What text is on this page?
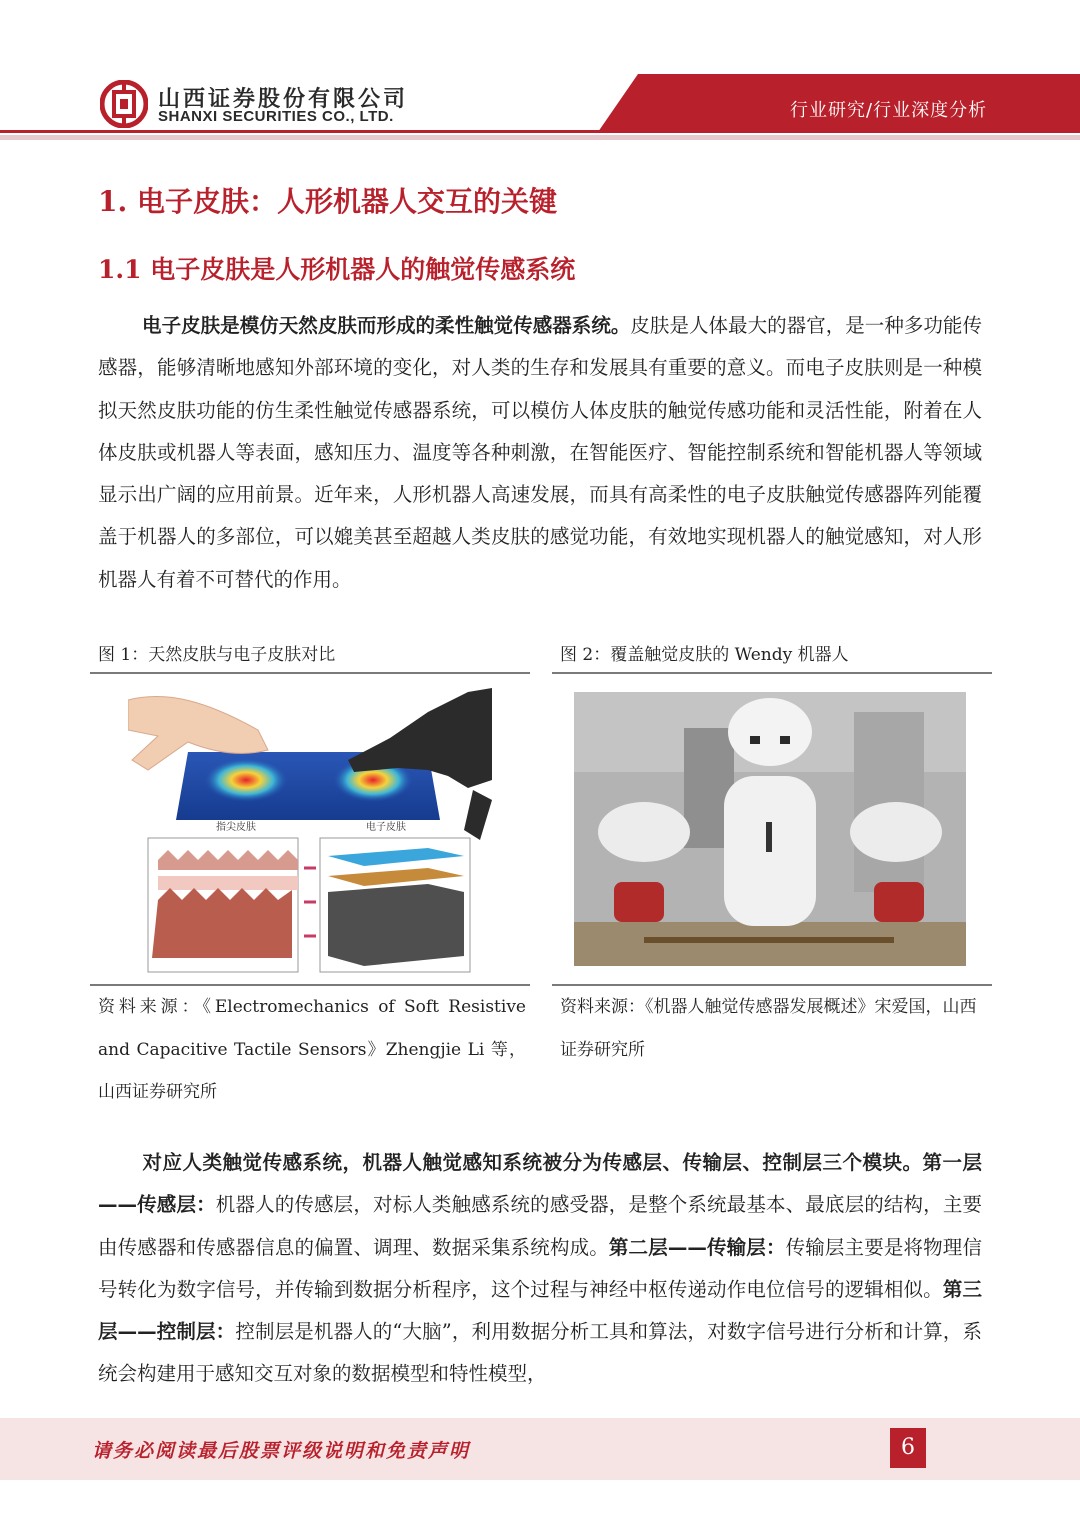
山西证券股份有限公司
SHANXI SECURITIES CO., LTD.	行业研究/行业深度分析
1. 电子皮肤：人形机器人交互的关键
1.1 电子皮肤是人形机器人的触觉传感系统
电子皮肤是模仿天然皮肤而形成的柔性触觉传感器系统。皮肤是人体最大的器官，是一种多功能传感器，能够清晰地感知外部环境的变化，对人类的生存和发展具有重要的意义。而电子皮肤则是一种模拟天然皮肤功能的仿生柔性触觉传感器系统，可以模仿人体皮肤的触觉传感功能和灵活性能，附着在人体皮肤或机器人等表面，感知压力、温度等各种刺激，在智能医疗、智能控制系统和智能机器人等领域显示出广阔的应用前景。近年来，人形机器人高速发展，而具有高柔性的电子皮肤触觉传感器阵列能覆盖于机器人的多部位，可以媲美甚至超越人类皮肤的感觉功能，有效地实现机器人的触觉感知，对人形机器人有着不可替代的作用。
图 1：天然皮肤与电子皮肤对比	图 2：覆盖触觉皮肤的 Wendy 机器人
指尖皮肤	电子皮肤
资料来源：《Electromechanics of Soft Resistive and Capacitive Tactile Sensors》Zhengjie Li 等，山西证券研究所
资料来源：《机器人触觉传感器发展概述》宋爱国，山西证券研究所
对应人类触觉传感系统，机器人触觉感知系统被分为传感层、传输层、控制层三个模块。第一层——传感层：机器人的传感层，对标人类触感系统的感受器，是整个系统最基本、最底层的结构，主要由传感器和传感器信息的偏置、调理、数据采集系统构成。第二层——传输层：传输层主要是将物理信号转化为数字信号，并传输到数据分析程序，这个过程与神经中枢传递动作电位信号的逻辑相似。第三层——控制层：控制层是机器人的“大脑”，利用数据分析工具和算法，对数字信号进行分析和计算，系统会构建用于感知交互对象的数据模型和特性模型，
请务必阅读最后股票评级说明和免责声明	6
